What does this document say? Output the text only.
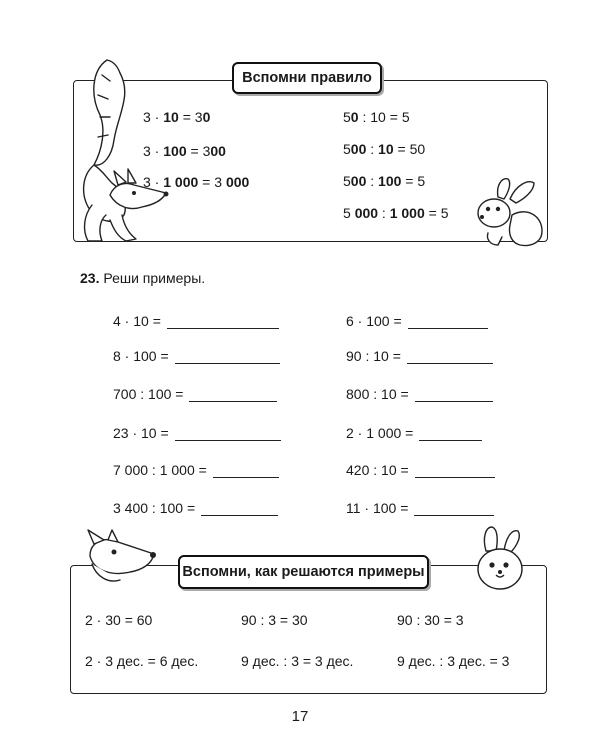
Вспомни правило
3 · 10 = 30
3 · 100 = 300
3 · 1 000 = 3 000
50 : 10 = 5
500 : 10 = 50
500 : 100 = 5
5 000 : 1 000 = 5
23. Реши примеры.
4 · 10 =
8 · 100 =
700 : 100 =
23 · 10 =
7 000 : 1 000 =
3 400 : 100 =
6 · 100 =
90 : 10 =
800 : 10 =
2 · 1 000 =
420 : 10 =
11 · 100 =
Вспомни, как решаются примеры
2 · 30 = 60	90 : 3 = 30	90 : 30 = 3
2 · 3 дес. = 6 дес.	9 дес. : 3 = 3 дес.	9 дес. : 3 дес. = 3
17
